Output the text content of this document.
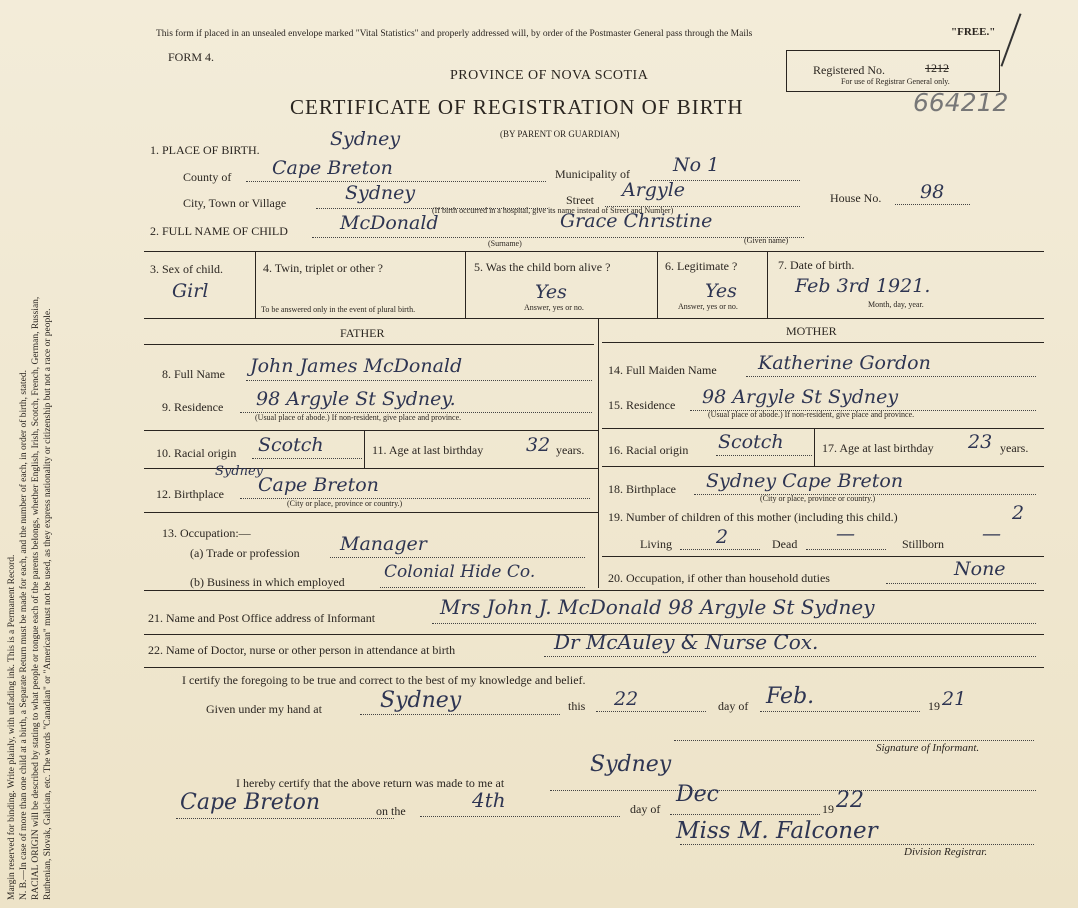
Margin reserved for binding. Write plainly, with unfading ink. This is a Permanent Record. N. B.—In case of more than one child at a birth, a Separate Return must be made for each, and the number of each, in order of birth, stated. RACIAL ORIGIN will be described by stating to what people or tongue each of the parents belongs, whether English, Irish, Scotch, French, German, Russian, Ruthenian, Slovak, Galician, etc. The words "Canadian" or "American" must not be used, as they express nationality or citizenship but not a race or people.
This form if placed in an unsealed envelope marked "Vital Statistics" and properly addressed will, by order of the Postmaster General pass through the Mails	"FREE."
FORM 4.
PROVINCE OF NOVA SCOTIA
CERTIFICATE OF REGISTRATION OF BIRTH
(BY PARENT OR GUARDIAN)
Registered No.	1212
For use of Registrar General only.
664212
1. PLACE OF BIRTH.	Sydney
County of Cape Breton	Municipality of No 1
City, Town or Village	Sydney	Street Argyle	House No. 98
(If birth occurred in a hospital, give its name instead of Street and Number)
2. FULL NAME OF CHILD	McDonald	Grace Christine
(Surname)	(Given name)
3. Sex of child.
Girl
4. Twin, triplet or other ?
To be answered only in the event of plural birth.
5. Was the child born alive ?
Yes
Answer, yes or no.
6. Legitimate ?
Yes
Answer, yes or no.
7. Date of birth.
Feb 3rd 1921.
Month, day, year.
FATHER	MOTHER
8. Full Name John James McDonald
9. Residence 98 Argyle St Sydney.
(Usual place of abode.) If non-resident, give place and province.
10. Racial origin Scotch	11. Age at last birthday 32 years.
Sydney
12. Birthplace Cape Breton
(City or place, province or country.)
13. Occupation:—
(a) Trade or profession Manager
(b) Business in which employed Colonial Hide Co.
14. Full Maiden Name Katherine Gordon
15. Residence 98 Argyle St Sydney
(Usual place of abode.) If non-resident, give place and province.
16. Racial origin Scotch	17. Age at last birthday 23 years.
18. Birthplace Sydney Cape Breton
(City or place, province or country.)
19. Number of children of this mother (including this child.)	2
Living 2	Dead —	Stillborn —
20. Occupation, if other than household duties	None
21. Name and Post Office address of Informant	Mrs John J. McDonald 98 Argyle St Sydney
22. Name of Doctor, nurse or other person in attendance at birth	Dr McAuley & Nurse Cox.
I certify the foregoing to be true and correct to the best of my knowledge and belief.
Given under my hand at	Sydney	this 22	day of Feb.	19 21
Signature of Informant.
I hereby certify that the above return was made to me at
Sydney
Cape Breton	on the	4th	day of
Dec
19 22
Miss M. Falconer
Division Registrar.
